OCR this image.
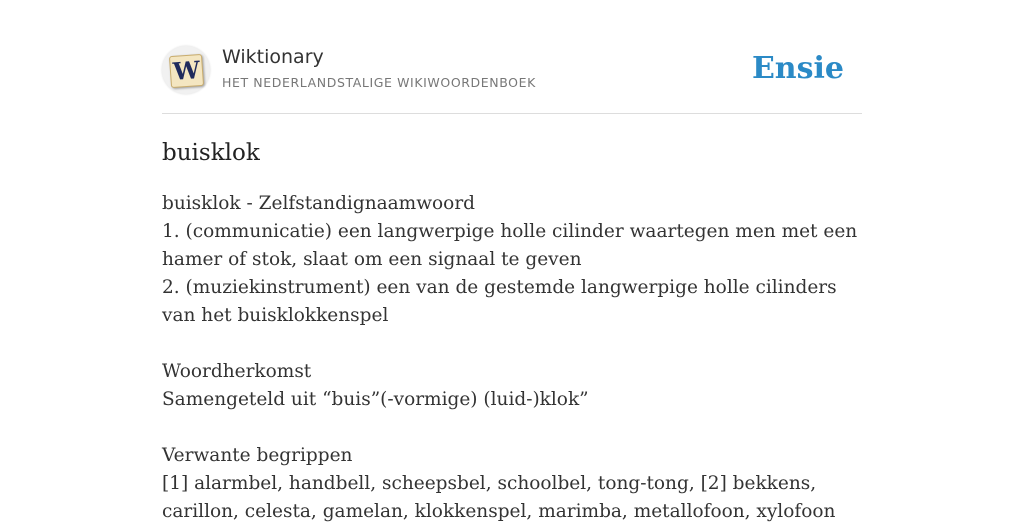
W Wiktionary
HET NEDERLANDSTALIGE WIKIWOORDENBOEK	Ensie
buisklok
buisklok - Zelfstandignaamwoord
1. (communicatie) een langwerpige holle cilinder waartegen men met een hamer of stok, slaat om een signaal te geven
2. (muziekinstrument) een van de gestemde langwerpige holle cilinders van het buisklokkenspel
Woordherkomst
Samengeteld uit “buis”(-vormige) (luid-)klok”
Verwante begrippen
[1] alarmbel, handbell, scheepsbel, schoolbel, tong-tong, [2] bekkens, carillon, celesta, gamelan, klokkenspel, marimba, metallofoon, xylofoon
